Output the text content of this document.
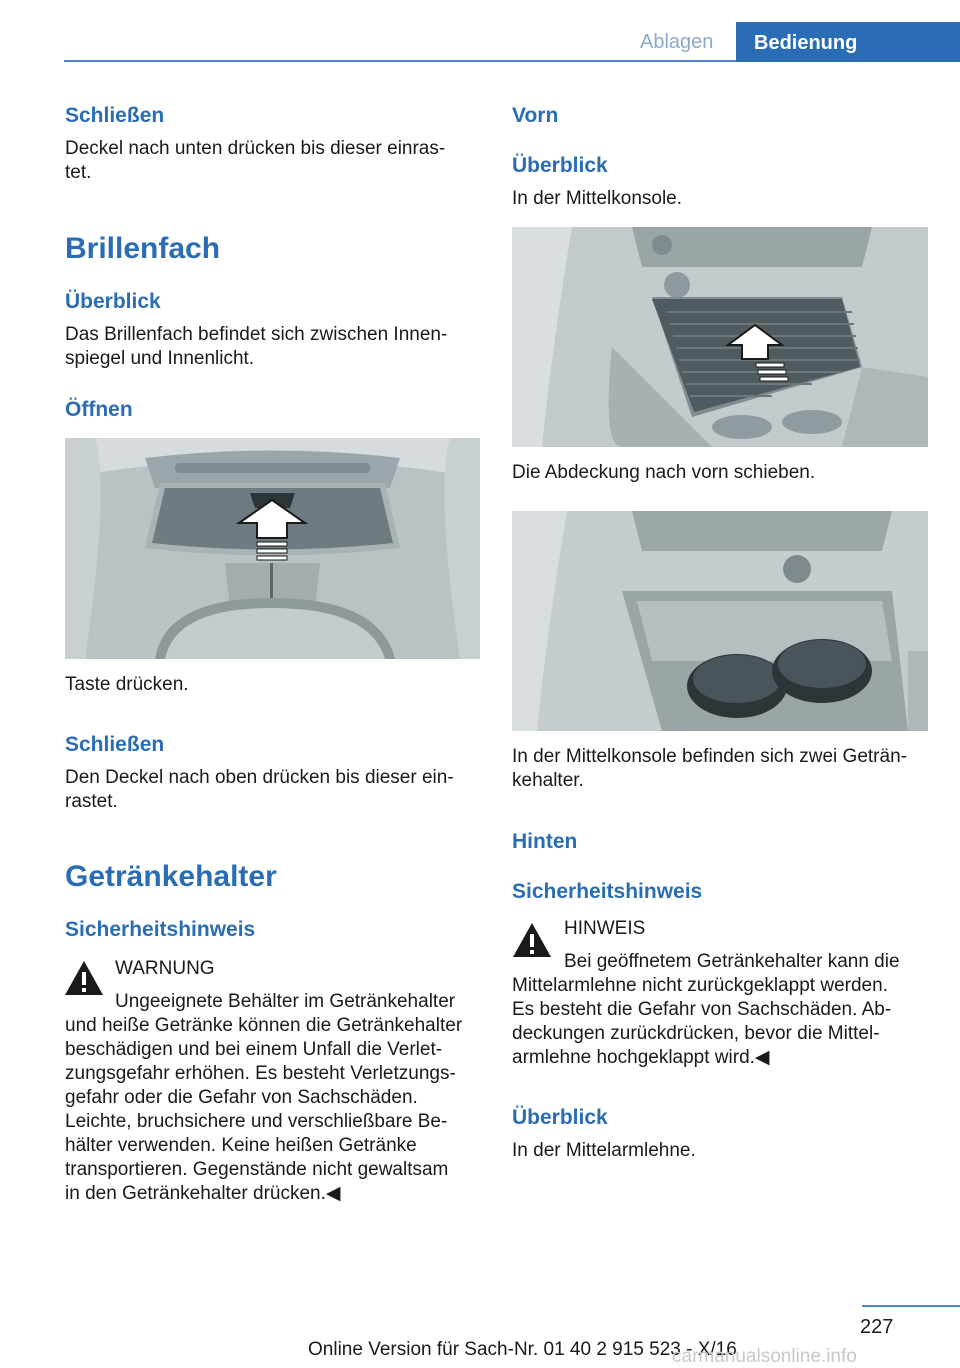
Ablagen	Bedienung
Schließen
Deckel nach unten drücken bis dieser einras-
tet.
Brillenfach
Überblick
Das Brillenfach befindet sich zwischen Innen-
spiegel und Innenlicht.
Öffnen
Taste drücken.
Schließen
Den Deckel nach oben drücken bis dieser ein-
rastet.
Getränkehalter
Sicherheitshinweis
WARNUNG
Ungeeignete Behälter im Getränkehalter
und heiße Getränke können die Getränkehalter
beschädigen und bei einem Unfall die Verlet-
zungsgefahr erhöhen. Es besteht Verletzungs-
gefahr oder die Gefahr von Sachschäden.
Leichte, bruchsichere und verschließbare Be-
hälter verwenden. Keine heißen Getränke
transportieren. Gegenstände nicht gewaltsam
in den Getränkehalter drücken.◀
Vorn
Überblick
In der Mittelkonsole.
Die Abdeckung nach vorn schieben.
In der Mittelkonsole befinden sich zwei Geträn-
kehalter.
Hinten
Sicherheitshinweis
HINWEIS
Bei geöffnetem Getränkehalter kann die
Mittelarmlehne nicht zurückgeklappt werden.
Es besteht die Gefahr von Sachschäden. Ab-
deckungen zurückdrücken, bevor die Mittel-
armlehne hochgeklappt wird.◀
Überblick
In der Mittelarmlehne.
227
Online Version für Sach-Nr. 01 40 2 915 523 - X/16
carmanualsonline.info
